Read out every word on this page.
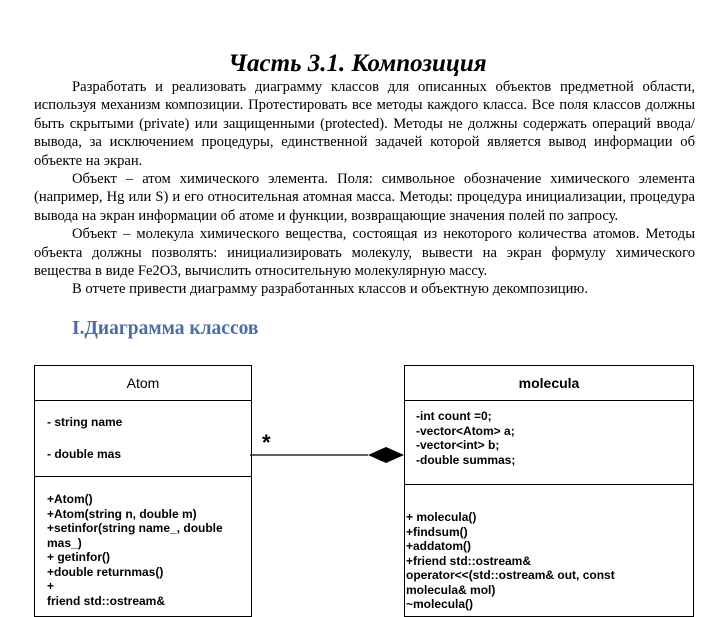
Часть 3.1. Композиция

Разработать и реализовать диаграмму классов для описанных объектов предметной области, используя механизм композиции. Протестировать все методы каждого класса. Все поля классов должны быть скрытыми (private) или защищенными (protected). Методы не должны содержать операций ввода/вывода, за исключением процедуры, единственной задачей которой является вывод информации об объекте на экран.

Объект – атом химического элемента. Поля: символьное обозначение химического элемента (например, Hg или S) и его относительная атомная масса. Методы: процедура инициализации, процедура вывода на экран информации об атоме и функции, возвращающие значения полей по запросу.

Объект – молекула химического вещества, состоящая из некоторого количества атомов. Методы объекта должны позволять: инициализировать молекулу, вывести на экран формулу химического вещества в виде Fe2O3, вычислить относительную молекулярную массу.

В отчете привести диаграмму разработанных классов и объектную декомпозицию.

I.Диаграмма классов
Atom
- string name
- double mas
+Atom()
+Atom(string n, double m)
+setinfor(string name_, double
mas_)
+ getinfor()
+double returnmas()
+
friend std::ostream&
molecula
-int count =0;
-vector<Atom> a;
-vector<int> b;
-double summas;
+ molecula()
+findsum()
+addatom()
+friend std::ostream&
operator<<(std::ostream& out, const
molecula& mol)
~molecula()
*
